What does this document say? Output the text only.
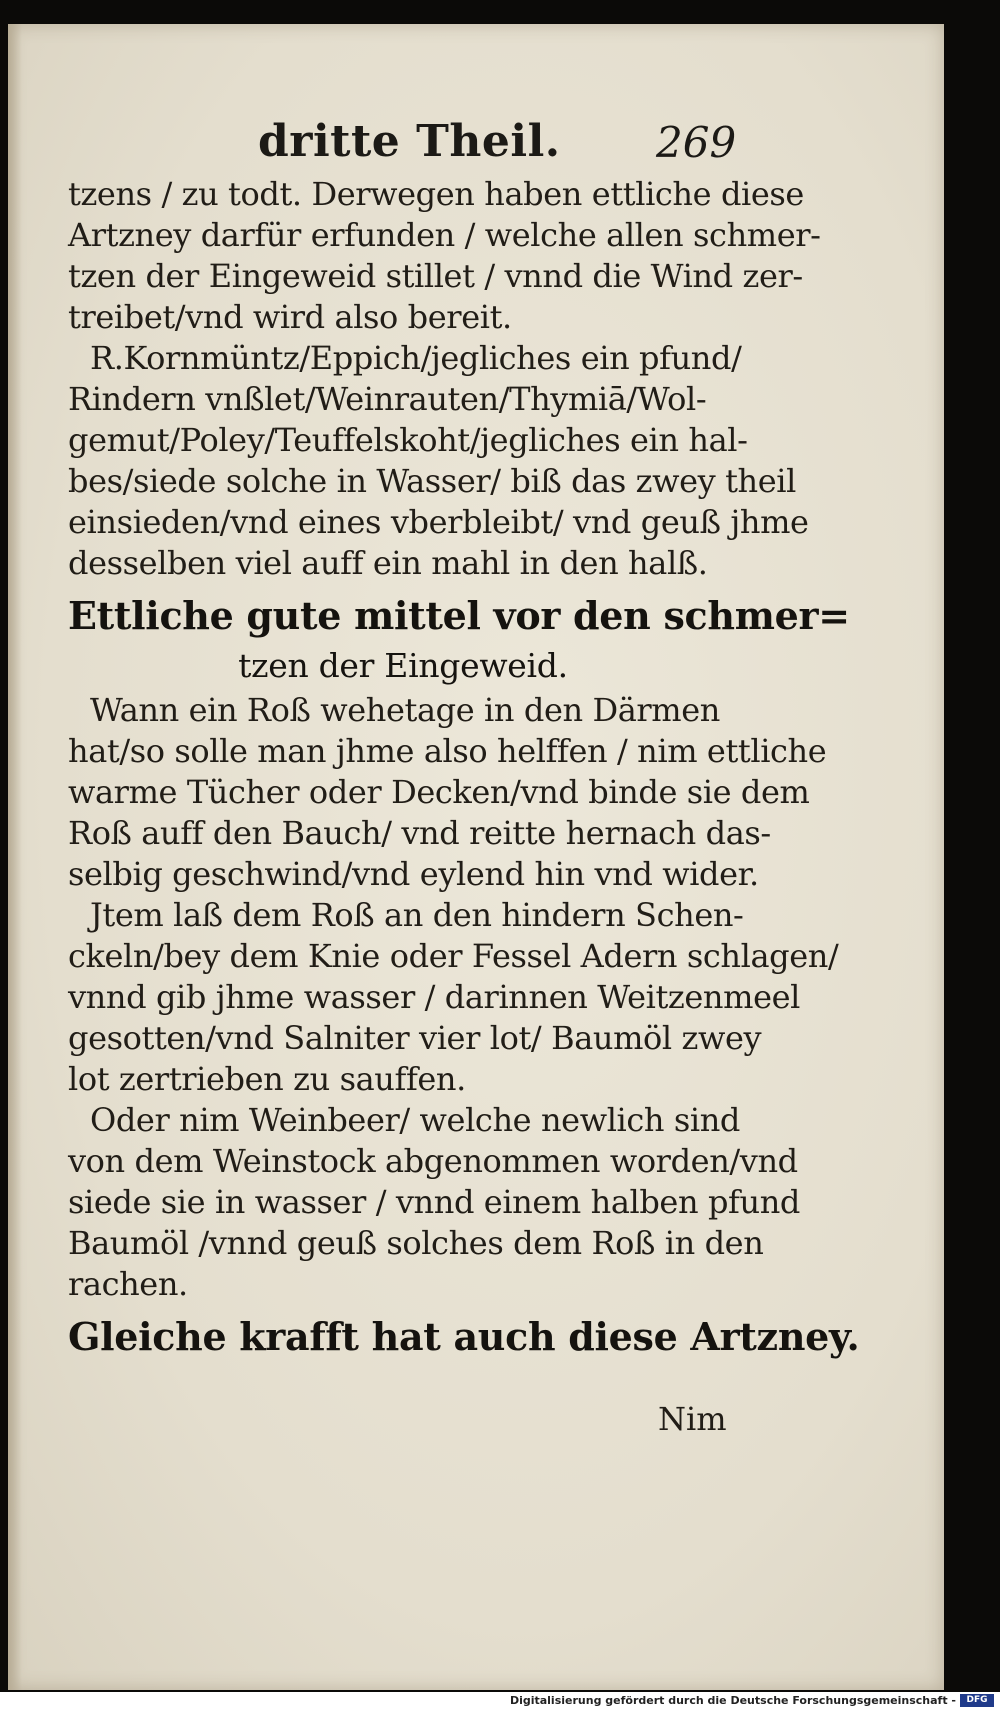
dritte Theil. 269
tzens / zu todt. Derwegen haben ettliche diese
Artzney darfür erfunden / welche allen schmer-
tzen der Eingeweid stillet / vnnd die Wind zer-
treibet/vnd wird also bereit.
R.Kornmüntz/Eppich/jegliches ein pfund/
Rindern vnßlet/Weinrauten/Thymiā/Wol-
gemut/Poley/Teuffelskoht/jegliches ein hal-
bes/siede solche in Wasser/ biß das zwey theil
einsieden/vnd eines vberbleibt/ vnd geuß jhme
desselben viel auff ein mahl in den halß.
Ettliche gute mittel vor den schmer=
tzen der Eingeweid.
Wann ein Roß wehetage in den Därmen
hat/so solle man jhme also helffen / nim ettliche
warme Tücher oder Decken/vnd binde sie dem
Roß auff den Bauch/ vnd reitte hernach das-
selbig geschwind/vnd eylend hin vnd wider.
Jtem laß dem Roß an den hindern Schen-
ckeln/bey dem Knie oder Fessel Adern schlagen/
vnnd gib jhme wasser / darinnen Weitzenmeel
gesotten/vnd Salniter vier lot/ Baumöl zwey
lot zertrieben zu sauffen.
Oder nim Weinbeer/ welche newlich sind
von dem Weinstock abgenommen worden/vnd
siede sie in wasser / vnnd einem halben pfund
Baumöl /vnnd geuß solches dem Roß in den
rachen.
Gleiche krafft hat auch diese Artzney.
Nim
Digitalisierung gefördert durch die Deutsche Forschungsgemeinschaft -	DFG
